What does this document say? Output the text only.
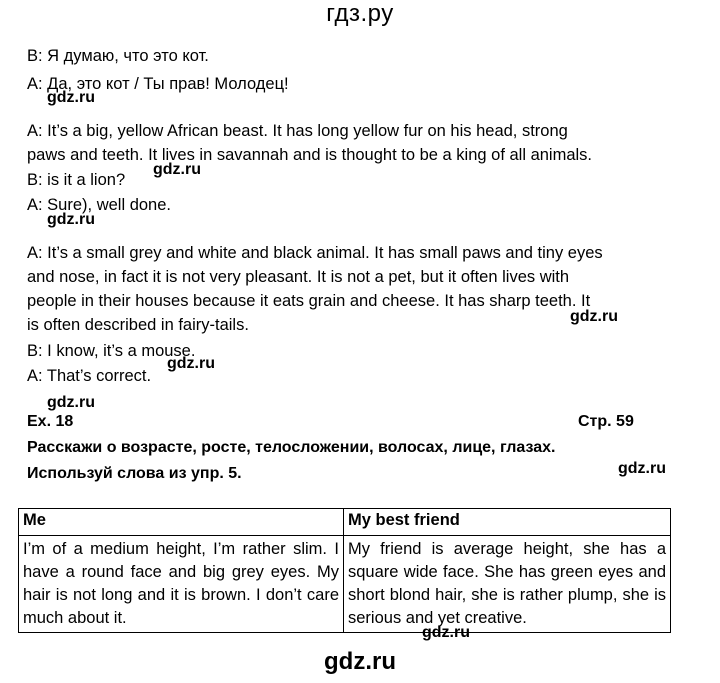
гдз.ру
B: Я думаю, что это кот.
A: Да, это кот / Ты прав! Молодец!
gdz.ru
A: It’s a big, yellow African beast. It has long yellow fur on his head, strong
paws and teeth. It lives in savannah and is thought to be a king of all animals.
B: is it a lion?
gdz.ru
A: Sure), well done.
gdz.ru
A: It’s a small grey and white and black animal. It has small paws and tiny eyes
and nose, in fact it is not very pleasant. It is not a pet, but it often lives with
people in their houses because it eats grain and cheese. It has sharp teeth. It
is often described in fairy-tails.	gdz.ru
B: I know, it’s a mouse.
A: That’s correct.
gdz.ru
gdz.ru
Ex. 18	Стр. 59
Расскажи о возрасте, росте, телосложении, волосах, лице, глазах.
Используй слова из упр. 5.	gdz.ru
Me	My best friend
I’m of a medium height, I’m rather slim. I have a round face and big grey eyes. My hair is not long and it is brown. I don’t care much about it.	My friend is average height, she has a square wide face. She has green eyes and short blond hair, she is rather plump, she is serious and yet creative.
gdz.ru
gdz.ru
